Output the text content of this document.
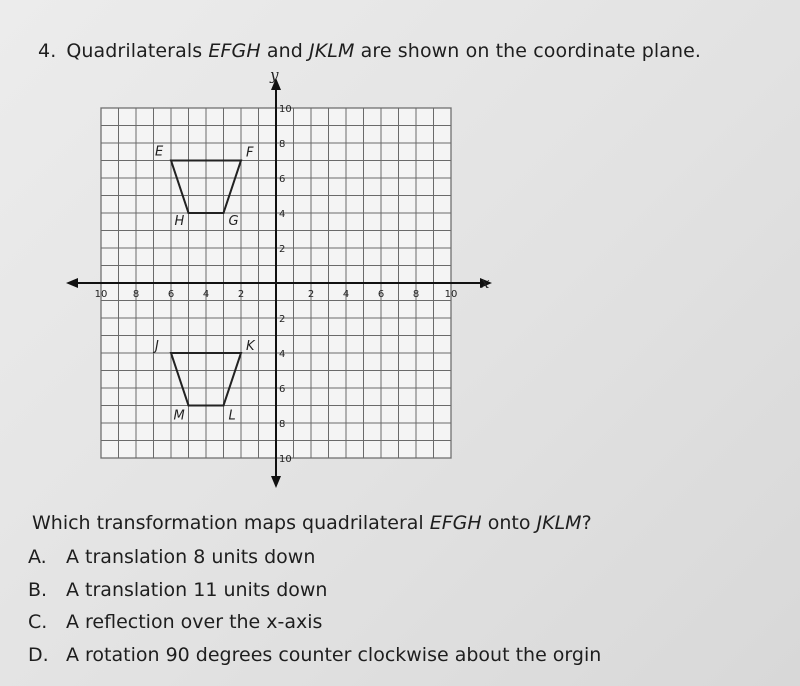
4. Quadrilaterals EFGH and JKLM are shown on the coordinate plane.
10	8	6	4	2	2	4	6	8	10
10
8
6
4
2
2
4
6
8
10
E	F
G
H
J	K
L
M
x
y
Which transformation maps quadrilateral EFGH onto JKLM?
A. A translation 8 units down
B. A translation 11 units down
C. A reflection over the x-axis
D. A rotation 90 degrees counter clockwise about the orgin
